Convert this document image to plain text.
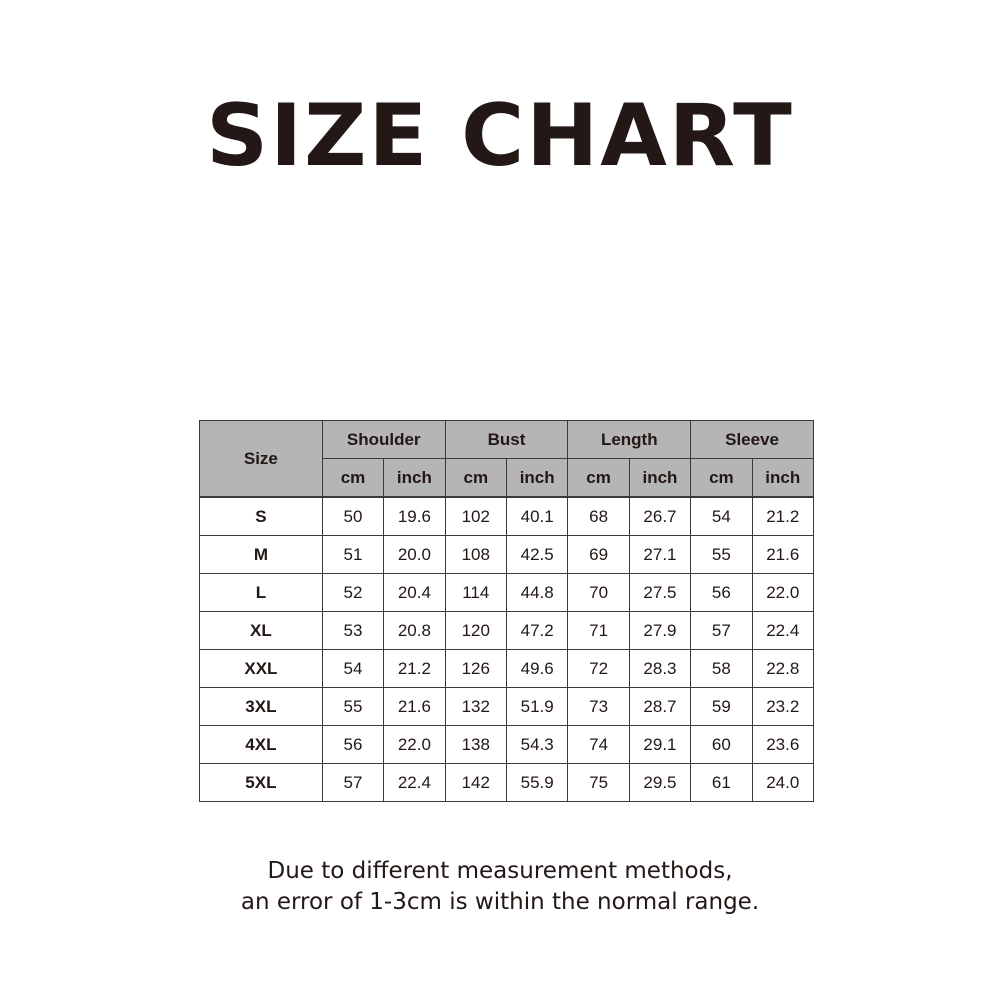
SIZE CHART
Size	Shoulder		Bust		Length		Sleeve	
	cm	inch	cm	inch	cm	inch	cm	inch
S	50	19.6	102	40.1	68	26.7	54	21.2
M	51	20.0	108	42.5	69	27.1	55	21.6
L	52	20.4	114	44.8	70	27.5	56	22.0
XL	53	20.8	120	47.2	71	27.9	57	22.4
XXL	54	21.2	126	49.6	72	28.3	58	22.8
3XL	55	21.6	132	51.9	73	28.7	59	23.2
4XL	56	22.0	138	54.3	74	29.1	60	23.6
5XL	57	22.4	142	55.9	75	29.5	61	24.0
Due to different measurement methods,
an error of 1-3cm is within the normal range.
